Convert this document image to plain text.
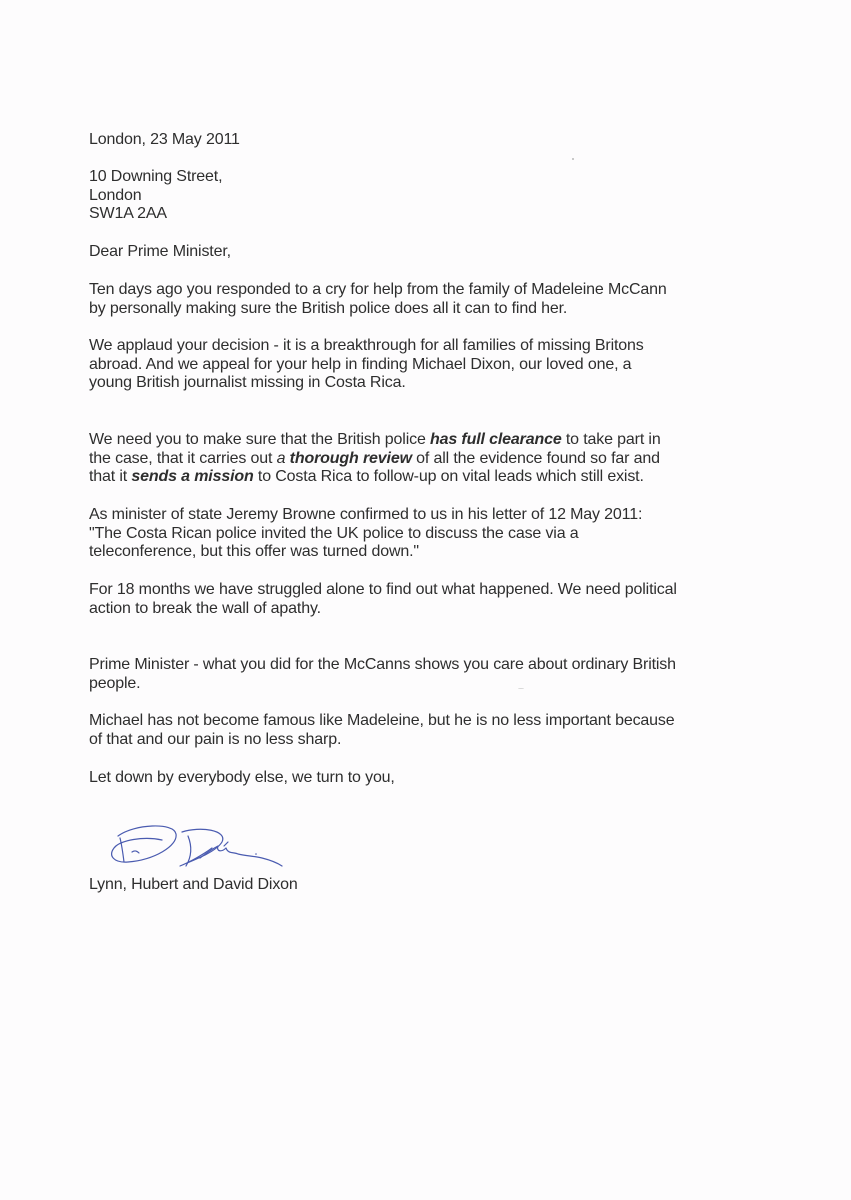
London, 23 May 2011
10 Downing Street,
London
SW1A 2AA
Dear Prime Minister,
Ten days ago you responded to a cry for help from the family of Madeleine McCann
by personally making sure the British police does all it can to find her.
We applaud your decision - it is a breakthrough for all families of missing Britons
abroad. And we appeal for your help in finding Michael Dixon, our loved one, a
young British journalist missing in Costa Rica.
We need you to make sure that the British police has full clearance to take part in
the case, that it carries out a thorough review of all the evidence found so far and
that it sends a mission to Costa Rica to follow-up on vital leads which still exist.
As minister of state Jeremy Browne confirmed to us in his letter of 12 May 2011:
"The Costa Rican police invited the UK police to discuss the case via a
teleconference, but this offer was turned down."
For 18 months we have struggled alone to find out what happened. We need political
action to break the wall of apathy.
Prime Minister - what you did for the McCanns shows you care about ordinary British
people.
Michael has not become famous like Madeleine, but he is no less important because
of that and our pain is no less sharp.
Let down by everybody else, we turn to you,
Lynn, Hubert and David Dixon
